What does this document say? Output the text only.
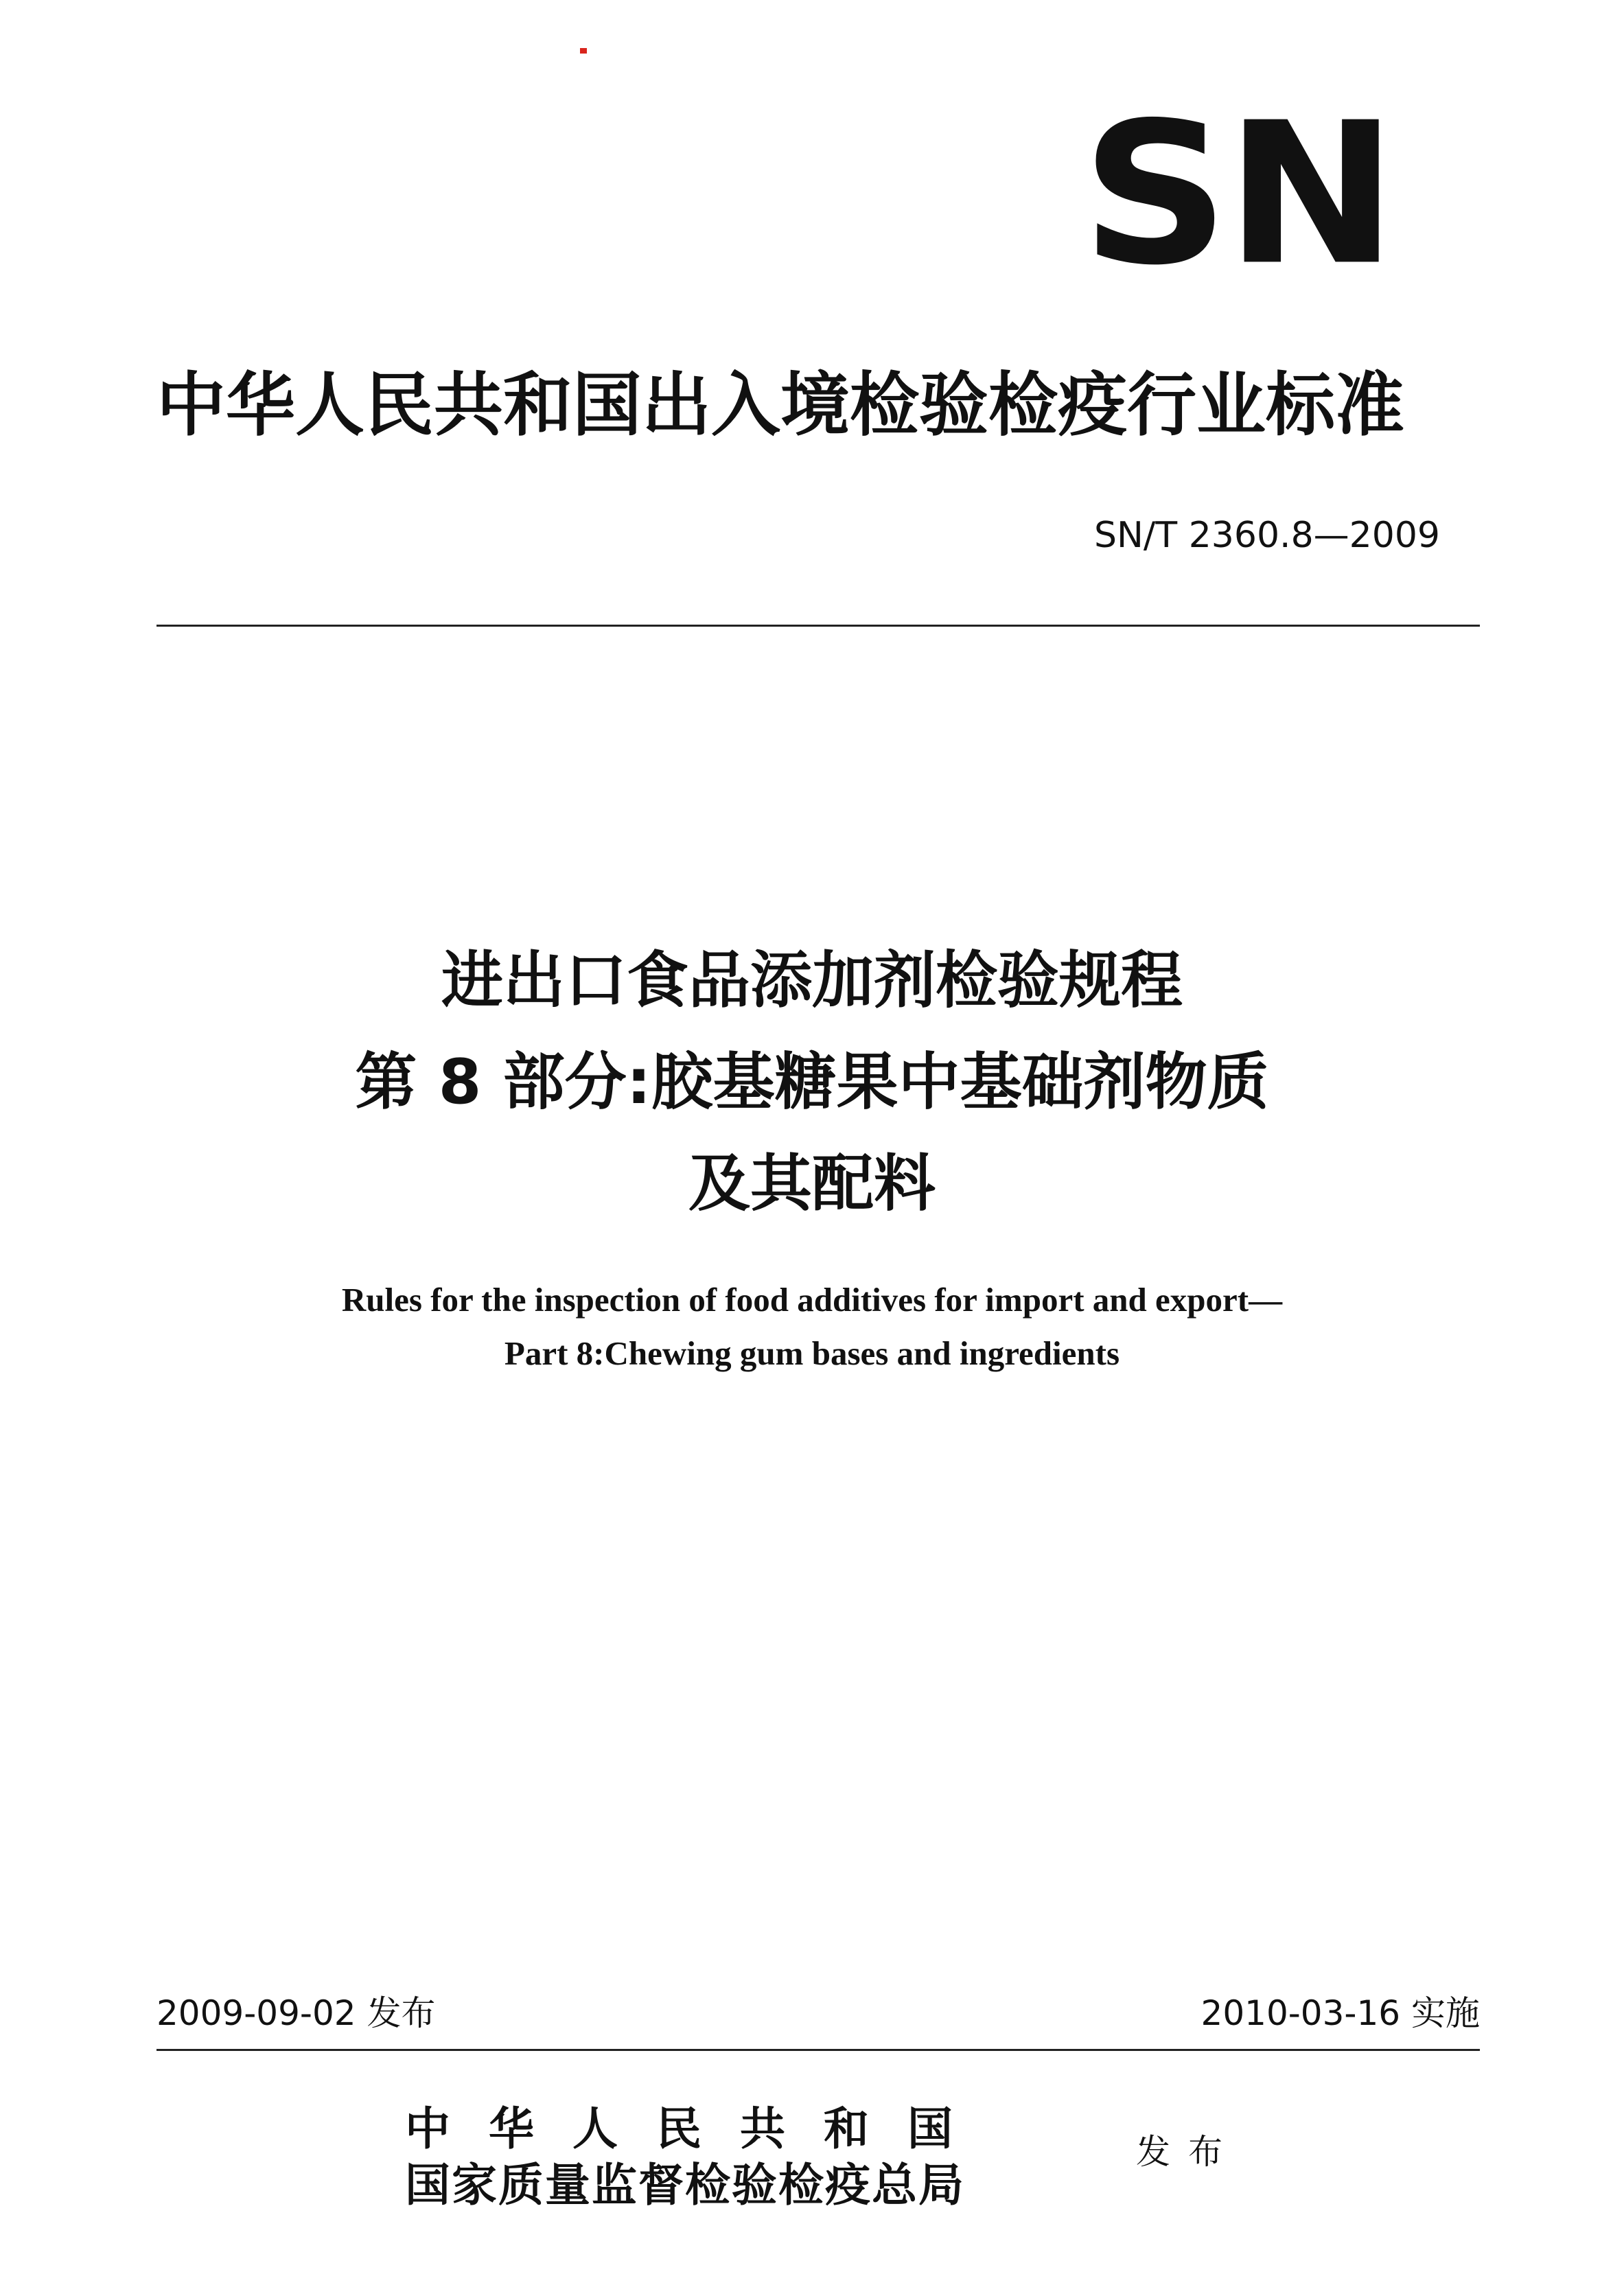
SN
中华人民共和国出入境检验检疫行业标准
SN/T 2360.8—2009
进出口食品添加剂检验规程
第 8 部分:胶基糖果中基础剂物质
及其配料
Rules for the inspection of food additives for import and export—
Part 8:Chewing gum bases and ingredients
2009-09-02 发布	2010-03-16 实施
中华人民共和国
国家质量监督检验检疫总局
发布
